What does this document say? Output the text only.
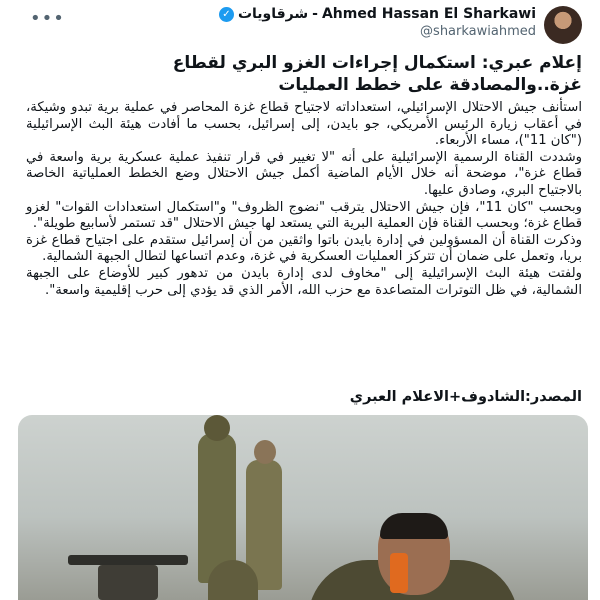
•••	Ahmed Hassan El Sharkawi
-
شرقاويات
✓
@sharkawiahmed
إعلام عبري: استكمال إجراءات الغزو البري لقطاع غزة..والمصادقة على خطط العمليات

استأنف جيش الاحتلال الإسرائيلي، استعداداته لاجتياح قطاع غزة المحاصر في عملية برية تبدو وشيكة، في أعقاب زيارة الرئيس الأمريكي، جو بايدن، إلى إسرائيل، بحسب ما أفادت هيئة البث الإسرائيلية ("كان 11")، مساء الأربعاء.

وشددت القناة الرسمية الإسرائيلية على أنه "لا تغيير في قرار تنفيذ عملية عسكرية برية واسعة في قطاع غزة"، موضحة أنه خلال الأيام الماضية أكمل جيش الاحتلال وضع الخطط العملياتية الخاصة بالاجتياح البري، وصادق عليها.

وبحسب "كان 11"، فإن جيش الاحتلال يترقب "نضوج الظروف" و"استكمال استعدادات القوات" لغزو قطاع غزة؛ وبحسب القناة فإن العملية البرية التي يستعد لها جيش الاحتلال "قد تستمر لأسابيع طويلة".

وذكرت القناة أن المسؤولين في إدارة بايدن باتوا واثقين من أن إسرائيل ستقدم على اجتياح قطاع غزة بريا، وتعمل على ضمان أن تتركز العمليات العسكرية في غزة، وعدم اتساعها لتطال الجبهة الشمالية.

ولفتت هيئة البث الإسرائيلية إلى "مخاوف لدى إدارة بايدن من تدهور كبير للأوضاع على الجبهة الشمالية، في ظل التوترات المتصاعدة مع حزب الله، الأمر الذي قد يؤدي إلى حرب إقليمية واسعة".

المصدر:الشادوف+الاعلام العبري
